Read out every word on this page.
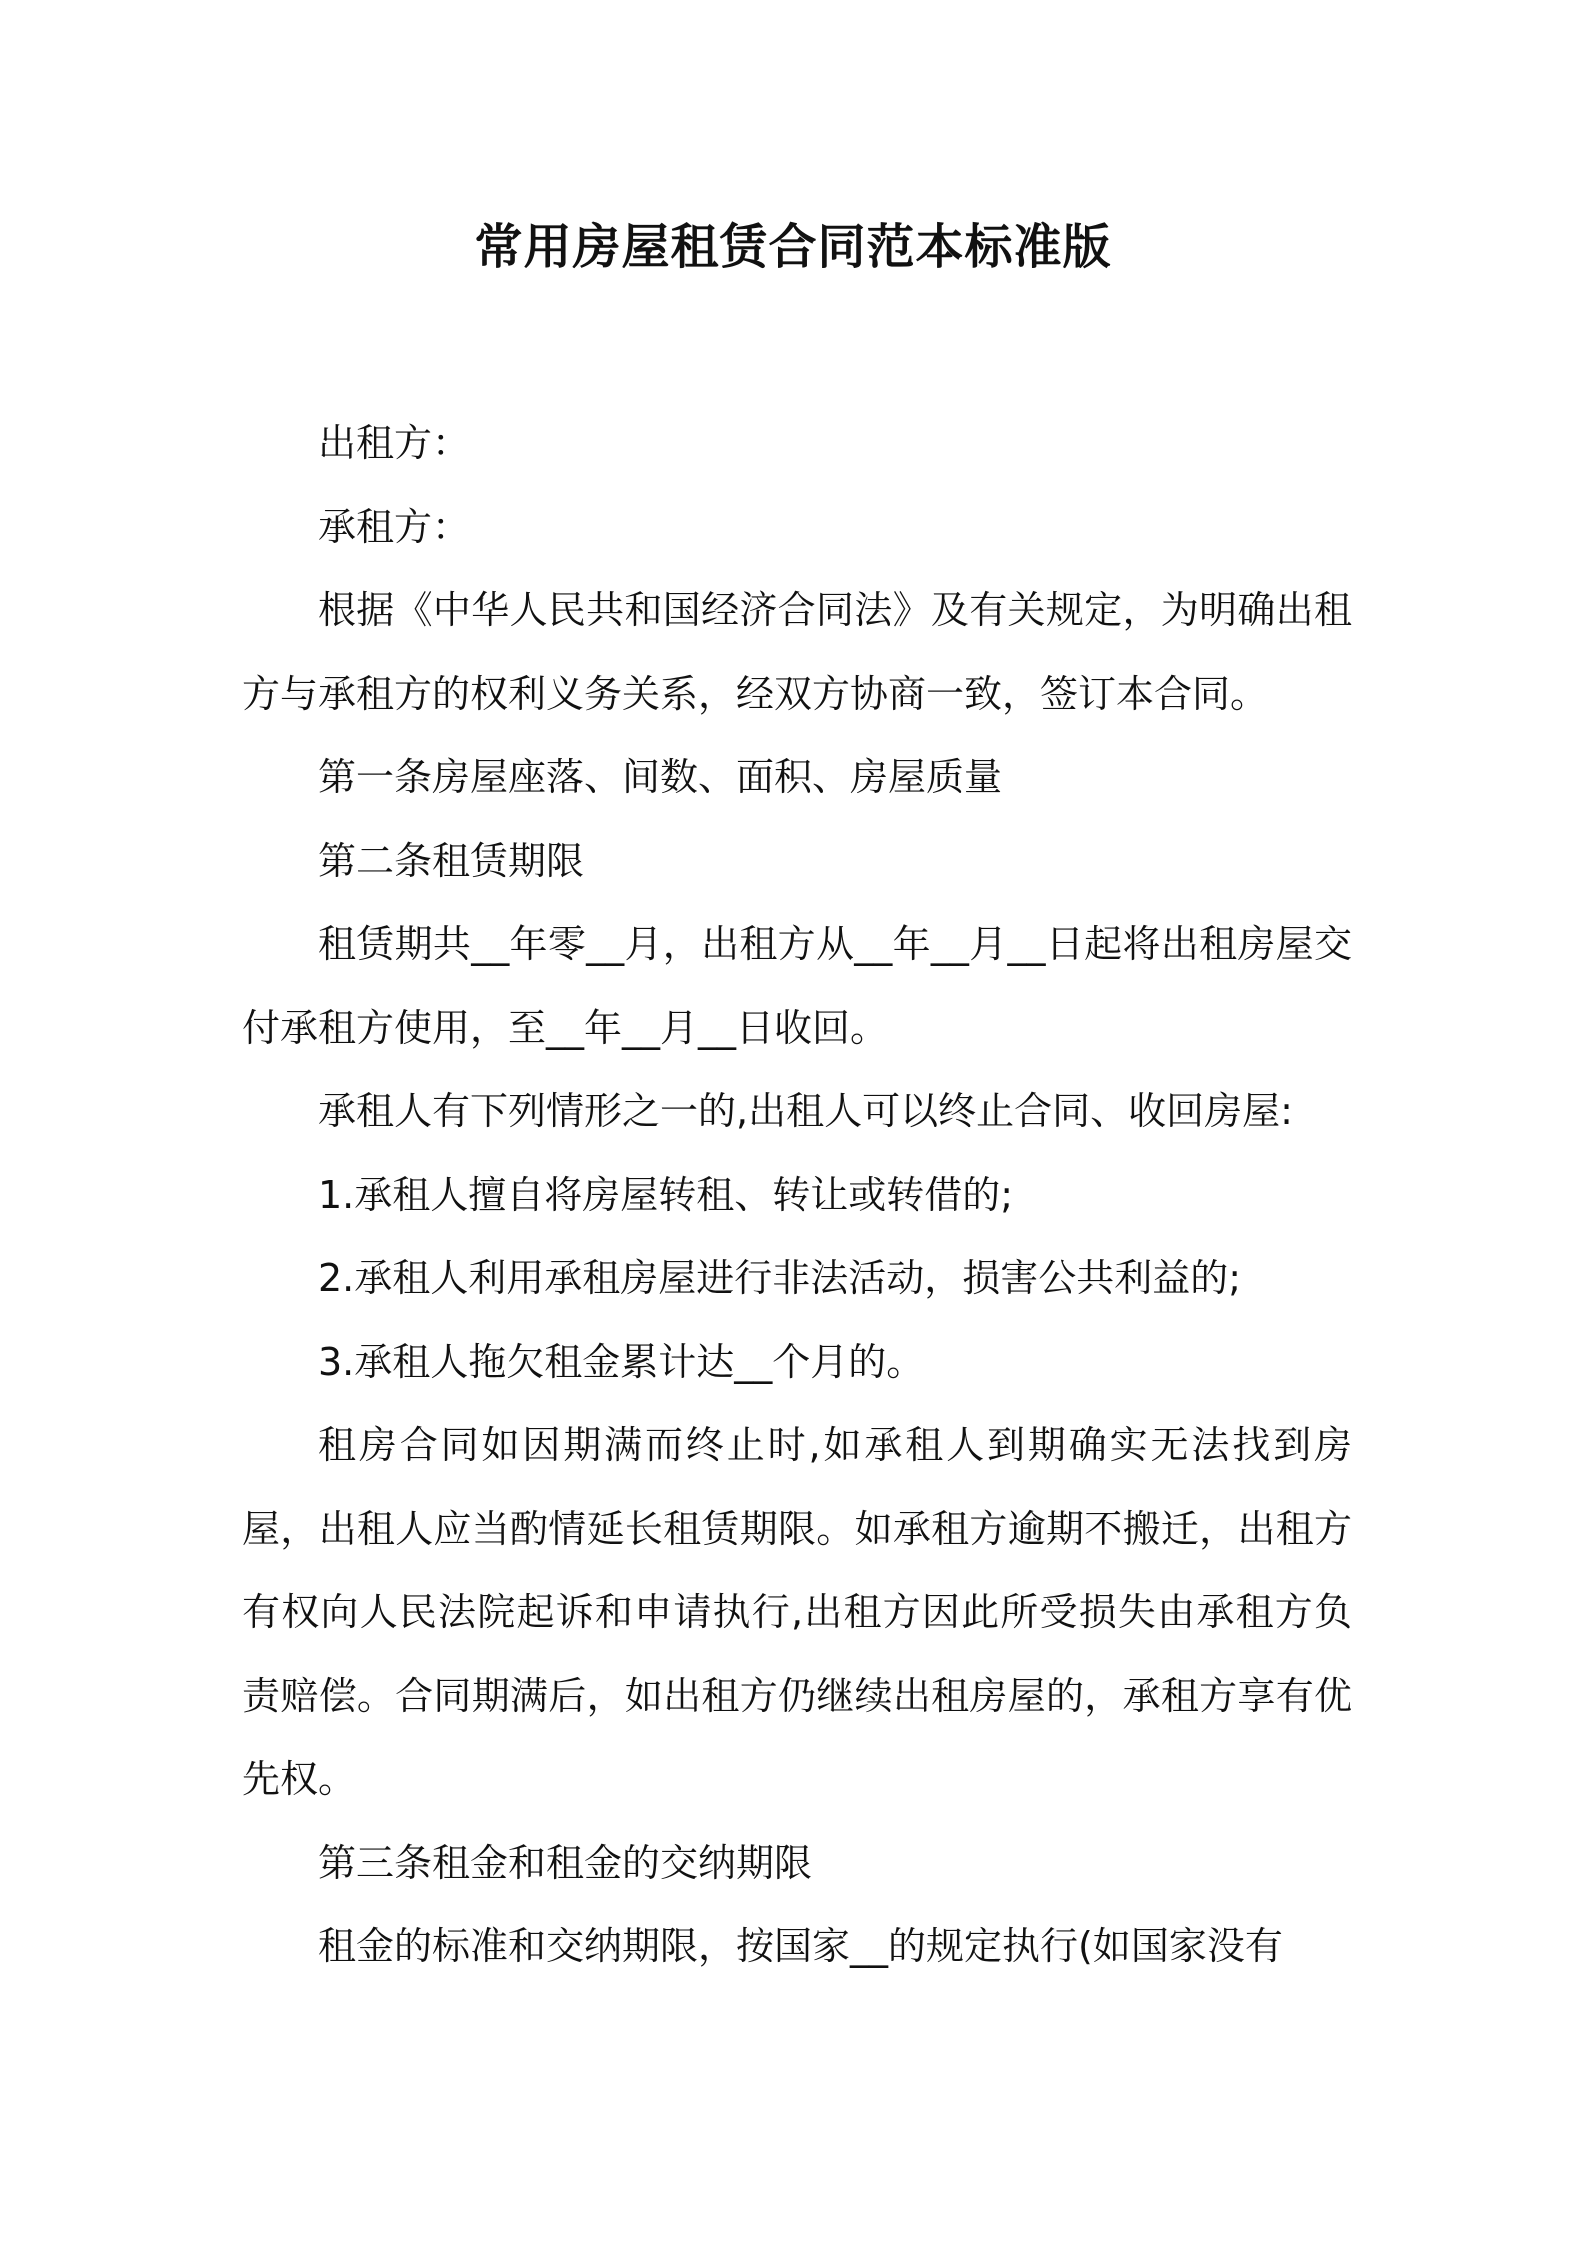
常用房屋租赁合同范本标准版

出租方：

承租方：

根据《中华人民共和国经济合同法》及有关规定，为明确出租方与承租方的权利义务关系，经双方协商一致，签订本合同。

第一条房屋座落、间数、面积、房屋质量

第二条租赁期限

租赁期共__年零__月，出租方从__年__月__日起将出租房屋交付承租方使用，至__年__月__日收回。

承租人有下列情形之一的,出租人可以终止合同、收回房屋:

1.承租人擅自将房屋转租、转让或转借的;

2.承租人利用承租房屋进行非法活动，损害公共利益的;

3.承租人拖欠租金累计达__个月的。

租房合同如因期满而终止时,如承租人到期确实无法找到房屋，出租人应当酌情延长租赁期限。如承租方逾期不搬迁，出租方有权向人民法院起诉和申请执行,出租方因此所受损失由承租方负责赔偿。合同期满后，如出租方仍继续出租房屋的，承租方享有优先权。

第三条租金和租金的交纳期限

租金的标准和交纳期限，按国家__的规定执行(如国家没有
